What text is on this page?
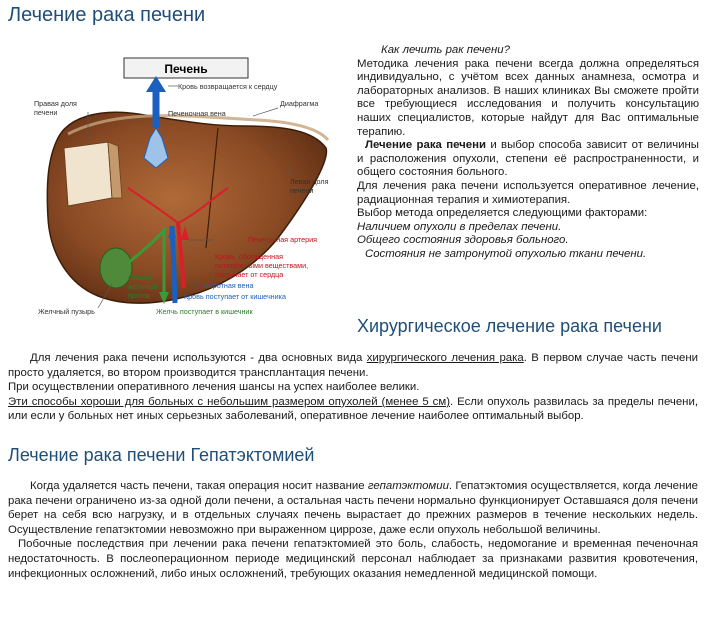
Лечение рака печени
Печень
Кровь возвращается к сердцу
Печеночная вена
Диафрагма
Правая доля
печени
Левая доля
печени
Печеночная артерия
Кровь, обогащенная
питательными веществами,
поступает от сердца
Воротная вена
Кровь поступает от кишечника
Общий
желчный
проток
Желчный пузырь	Желчь поступает в кишечник

Как лечить рак печени?

Методика лечения рака печени всегда должна определяться индивидуально, с учётом всех данных анамнеза, осмотра и лабораторных анализов. В наших клиниках Вы сможете пройти все требующиеся исследования и получить консультацию наших специалистов, которые найдут для Вас оптимальные терапию.

Лечение рака печени и выбор способа зависит от величины и расположения опухоли, степени её распространенности, и общего состояния больного.

Для лечения рака печени используется оперативное лечение, радиационная терапия и химиотерапия.

Выбор метода определяется следующими факторами:

Наличием опухоли в пределах печени.

Общего состояния здоровья больного.

Состояния не затронутой опухолью ткани печени.

Хирургическое лечение рака печени

Для лечения рака печени используются - два основных вида хирургического лечения рака. В первом случае часть печени просто удаляется, во втором производится трансплантация печени.

При осуществлении оперативного лечения шансы на успех наиболее велики.

Эти способы хороши для больных с небольшим размером опухолей (менее 5 см). Если опухоль развилась за пределы печени, или если у больных нет иных серьезных заболеваний, оперативное лечение наиболее оптимальный выбор.

Лечение рака печени Гепатэктомией

Когда удаляется часть печени, такая операция носит название гепатэктомии. Гепатэктомия осуществляется, когда лечение рака печени ограничено из-за одной доли печени, а остальная часть печени нормально функционирует Оставшаяся доля печени берет на себя всю нагрузку, и в отдельных случаях печень вырастает до прежних размеров в течение нескольких недель. Осуществление гепатэктомии невозможно при выраженном циррозе, даже если опухоль небольшой величины.

Побочные последствия при лечении рака печени гепатэктомией это боль, слабость, недомогание и временная печеночная недостаточность. В послеоперационном периоде медицинский персонал наблюдает за признаками развития кровотечения, инфекционных осложнений, либо иных осложнений, требующих оказания немедленной медицинской помощи.
